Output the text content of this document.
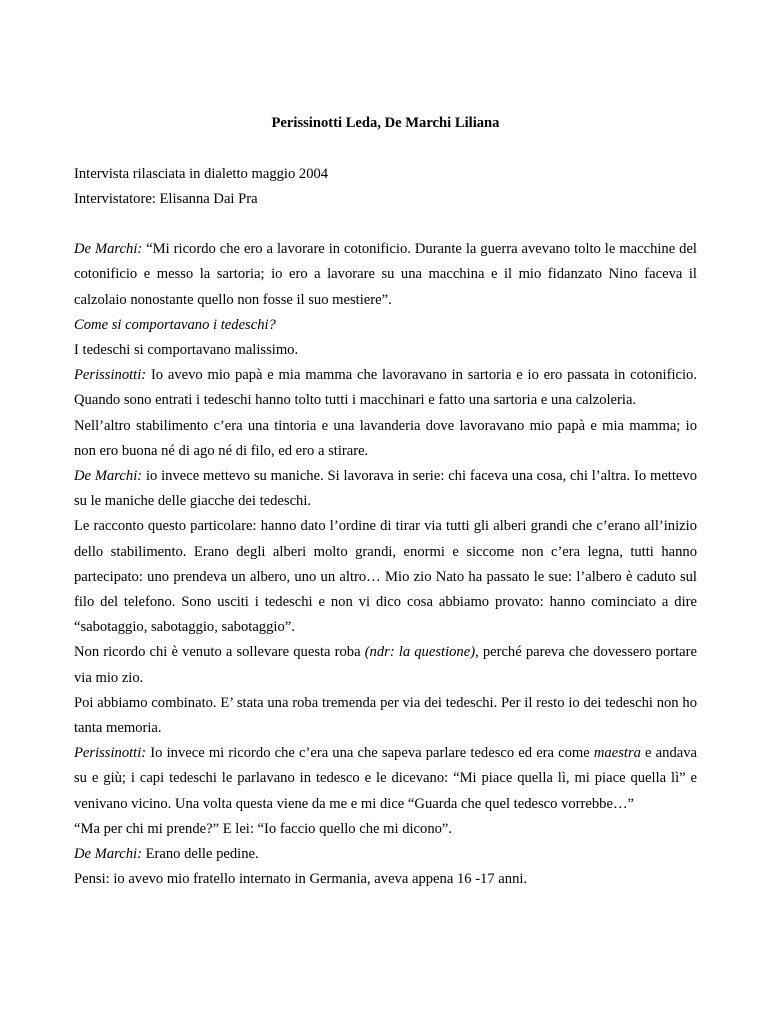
Perissinotti Leda, De Marchi Liliana

Intervista rilasciata in dialetto maggio 2004

Intervistatore: Elisanna Dai Pra

De Marchi: “Mi ricordo che ero a lavorare in cotonificio. Durante la guerra avevano tolto le macchine del cotonificio e messo la sartoria; io ero a lavorare su una macchina e il mio fidanzato Nino faceva il calzolaio nonostante quello non fosse il suo mestiere”.

Come si comportavano i tedeschi?

I tedeschi si comportavano malissimo.

Perissinotti: Io avevo mio papà e mia mamma che lavoravano in sartoria e io ero passata in cotonificio. Quando sono entrati i tedeschi hanno tolto tutti i macchinari e fatto una sartoria e una calzoleria.

Nell’altro stabilimento c’era una tintoria e una lavanderia dove lavoravano mio papà e mia mamma; io non ero buona né di ago né di filo, ed ero a stirare.

De Marchi: io invece mettevo su maniche. Si lavorava in serie: chi faceva una cosa, chi l’altra. Io mettevo su le maniche delle giacche dei tedeschi.

Le racconto questo particolare: hanno dato l’ordine di tirar via tutti gli alberi grandi che c’erano all’inizio dello stabilimento. Erano degli alberi molto grandi, enormi e siccome non c’era legna, tutti hanno partecipato: uno prendeva un albero, uno un altro… Mio zio Nato ha passato le sue: l’albero è caduto sul filo del telefono. Sono usciti i tedeschi e non vi dico cosa abbiamo provato: hanno cominciato a dire “sabotaggio, sabotaggio, sabotaggio”.

Non ricordo chi è venuto a sollevare questa roba (ndr: la questione), perché pareva che dovessero portare via mio zio.

Poi abbiamo combinato. E’ stata una roba tremenda per via dei tedeschi. Per il resto io dei tedeschi non ho tanta memoria.

Perissinotti: Io invece mi ricordo che c’era una che sapeva parlare tedesco ed era come maestra e andava su e giù; i capi tedeschi le parlavano in tedesco e le dicevano: “Mi piace quella lì, mi piace quella lì” e venivano vicino. Una volta questa viene da me e mi dice “Guarda che quel tedesco vorrebbe…”

“Ma per chi mi prende?” E lei: “Io faccio quello che mi dicono”.

De Marchi: Erano delle pedine.

Pensi: io avevo mio fratello internato in Germania, aveva appena 16 -17 anni.
